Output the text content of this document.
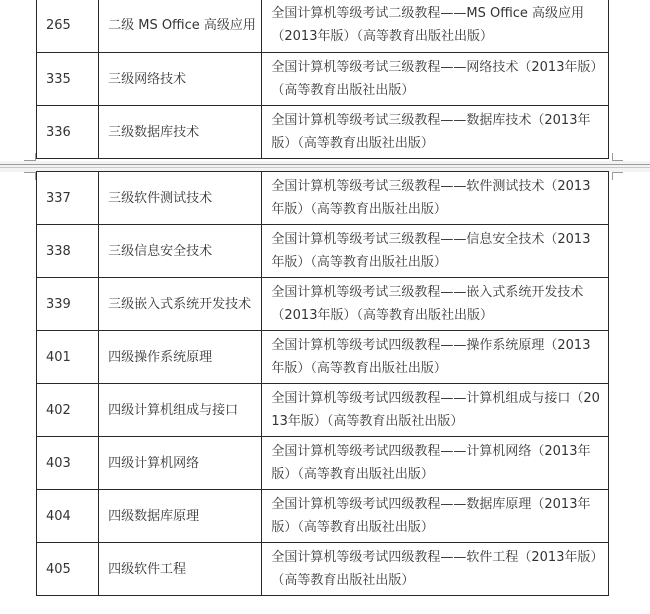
265	二级 MS Office 高级应用	全国计算机等级考试二级教程——MS Office 高级应用（2013年版）（高等教育出版社出版）
335	三级网络技术	全国计算机等级考试三级教程——网络技术（2013年版）（高等教育出版社出版）
336	三级数据库技术	全国计算机等级考试三级教程——数据库技术（2013年版）（高等教育出版社出版）
337	三级软件测试技术	全国计算机等级考试三级教程——软件测试技术（2013年版）（高等教育出版社出版）
338	三级信息安全技术	全国计算机等级考试三级教程——信息安全技术（2013年版）（高等教育出版社出版）
339	三级嵌入式系统开发技术	全国计算机等级考试三级教程——嵌入式系统开发技术（2013年版）（高等教育出版社出版）
401	四级操作系统原理	全国计算机等级考试四级教程——操作系统原理（2013年版）（高等教育出版社出版）
402	四级计算机组成与接口	全国计算机等级考试四级教程——计算机组成与接口（2013年版）（高等教育出版社出版）
403	四级计算机网络	全国计算机等级考试四级教程——计算机网络（2013年版）（高等教育出版社出版）
404	四级数据库原理	全国计算机等级考试四级教程——数据库原理（2013年版）（高等教育出版社出版）
405	四级软件工程	全国计算机等级考试四级教程——软件工程（2013年版）（高等教育出版社出版）
